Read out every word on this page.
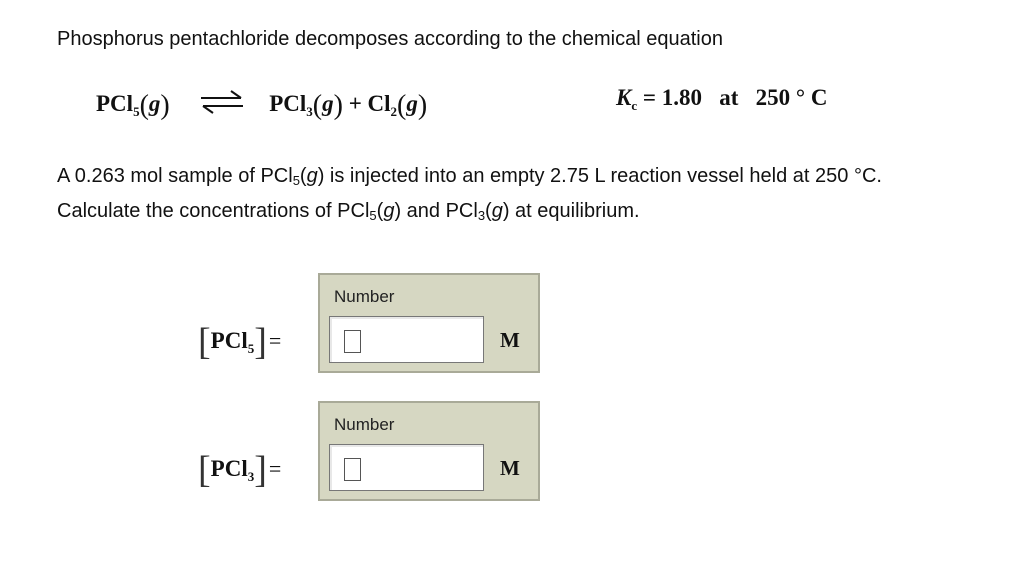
Phosphorus pentachloride decomposes according to the chemical equation
PCl$_5$(g) ⇌ $PCl_3(g) + Cl_2(g)$	$K_c = 1.80$ at 250 ° C
A 0.263 mol sample of PCl$_5$(g) is injected into an empty 2.75 L reaction vessel held at 250 °C.
Calculate the concentrations of PCl$_5$(g) and PCl$_3$(g) at equilibrium.
[PCl$_5$]=
Number
M
[PCl$_3$]=
Number
M
